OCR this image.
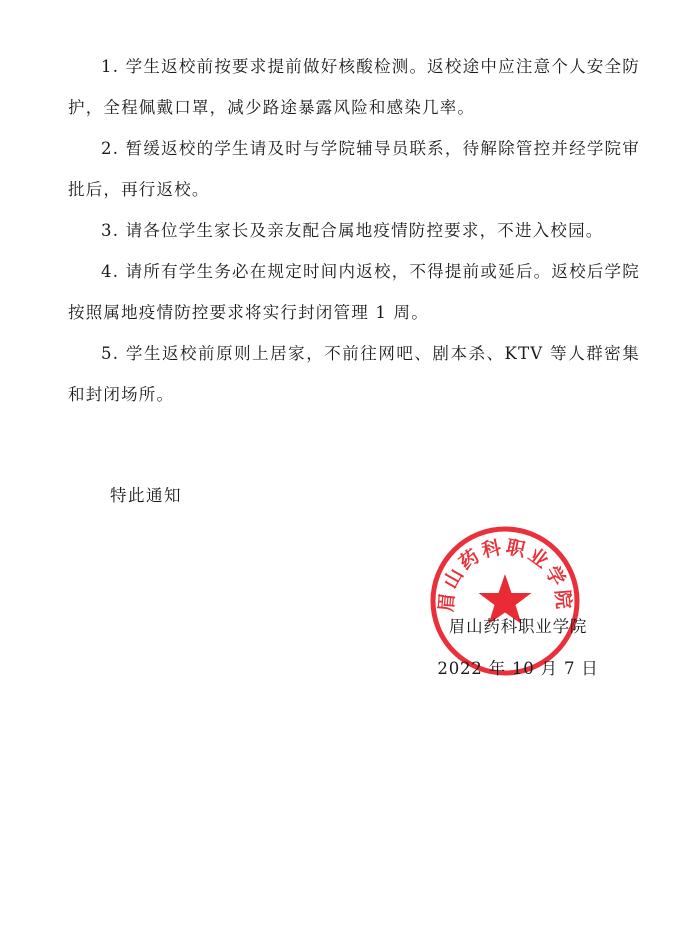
1. 学生返校前按要求提前做好核酸检测。返校途中应注意个人安全防护，全程佩戴口罩，减少路途暴露风险和感染几率。

2. 暂缓返校的学生请及时与学院辅导员联系，待解除管控并经学院审批后，再行返校。

3. 请各位学生家长及亲友配合属地疫情防控要求，不进入校园。

4. 请所有学生务必在规定时间内返校，不得提前或延后。返校后学院按照属地疫情防控要求将实行封闭管理 1 周。

5. 学生返校前原则上居家，不前往网吧、剧本杀、KTV 等人群密集和封闭场所。

特此通知
眉山药科职业学院
眉山药科职业学院
2022 年 10 月 7 日
